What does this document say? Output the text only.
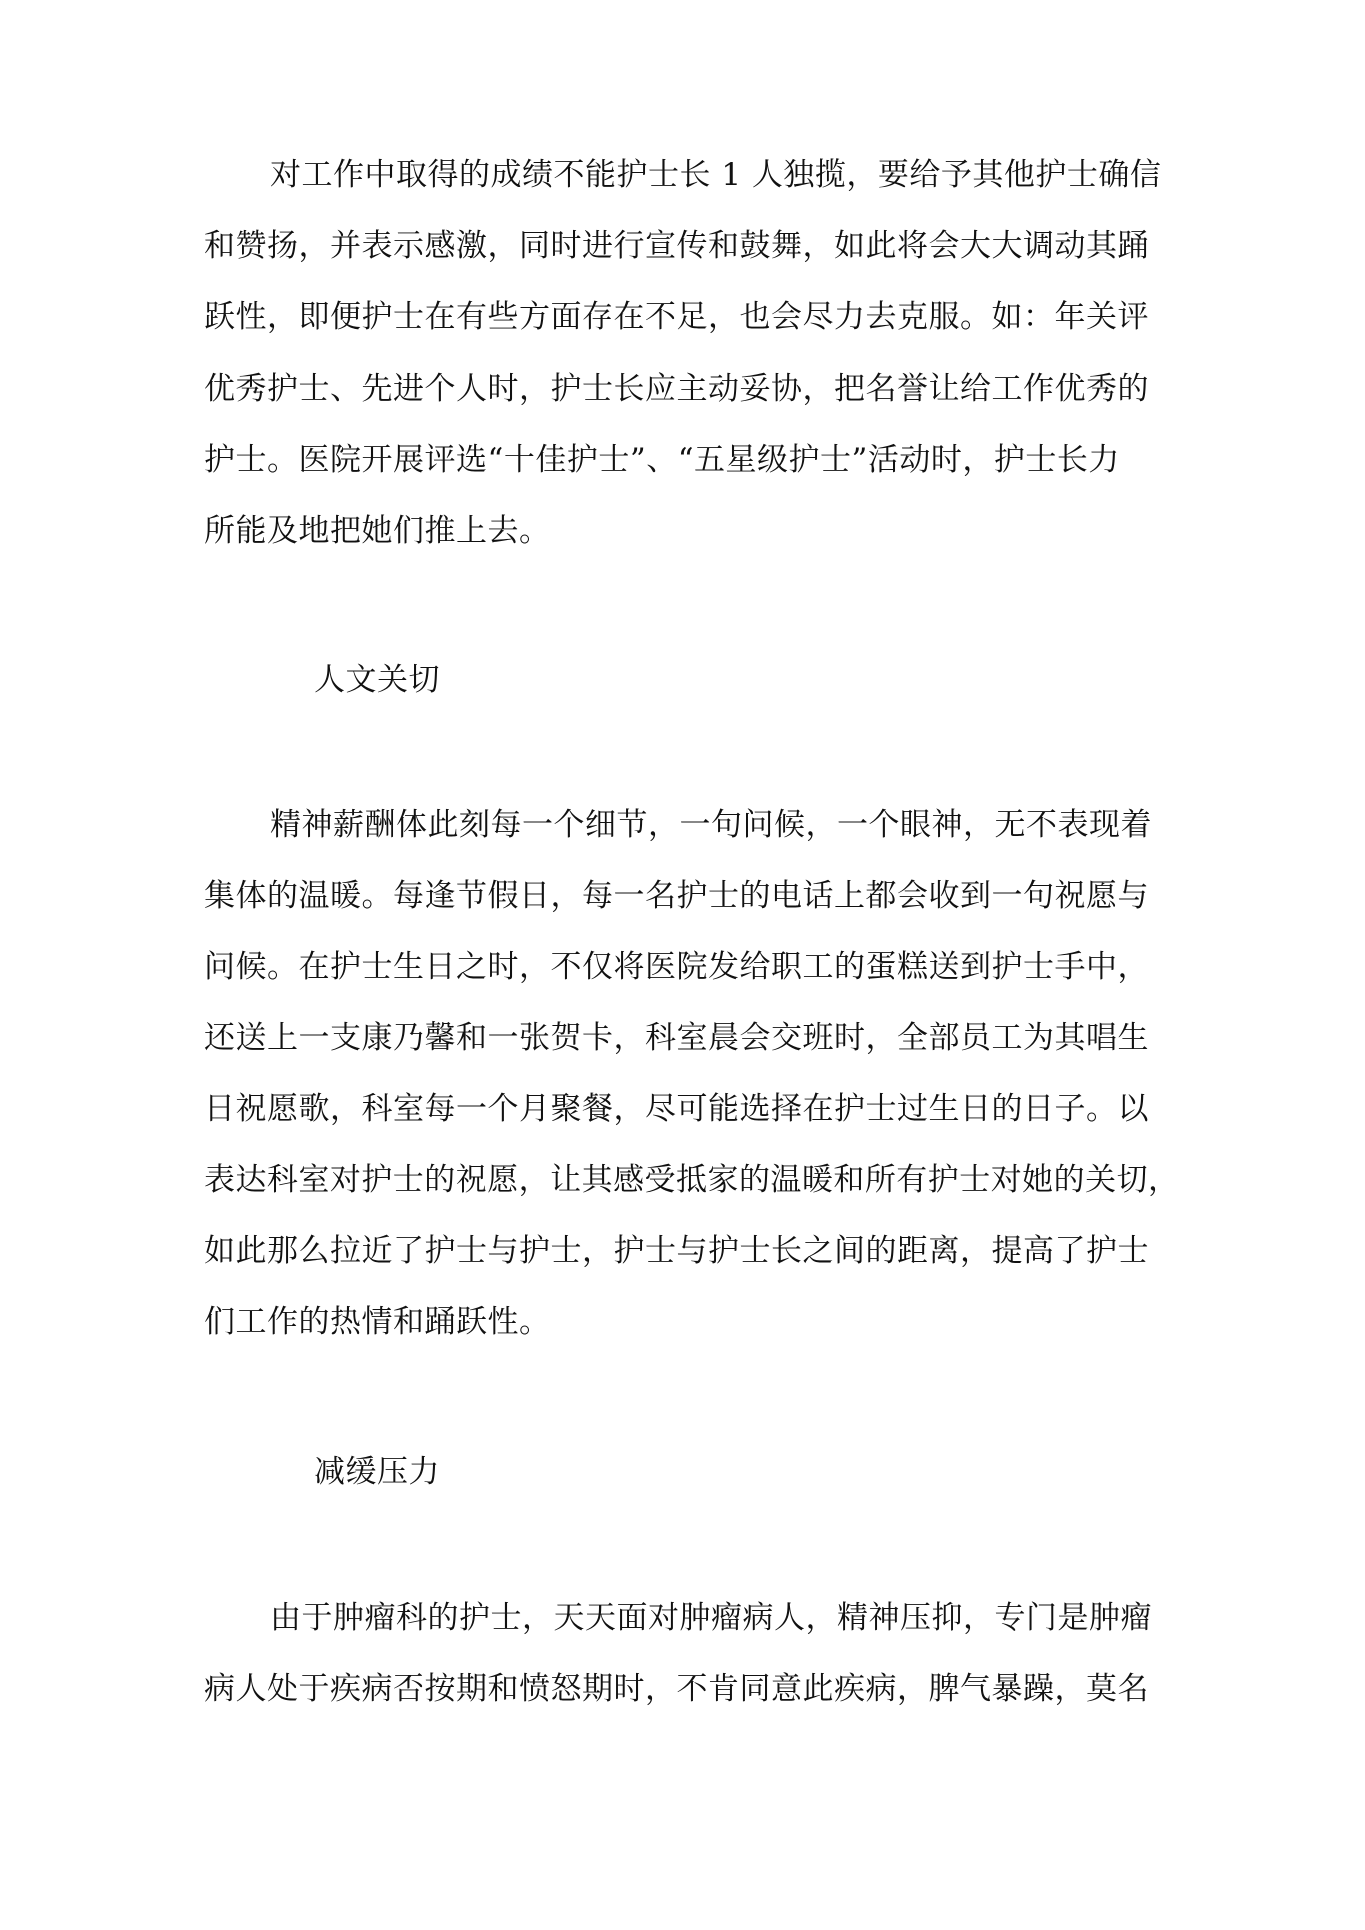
对工作中取得的成绩不能护士长 1 人独揽，要给予其他护士确信
和赞扬，并表示感激，同时进行宣传和鼓舞，如此将会大大调动其踊
跃性，即便护士在有些方面存在不足，也会尽力去克服。如：年关评
优秀护士、先进个人时，护士长应主动妥协，把名誉让给工作优秀的
护士。医院开展评选“十佳护士”、“五星级护士”活动时，护士长力
所能及地把她们推上去。
人文关切
精神薪酬体此刻每一个细节，一句问候，一个眼神，无不表现着
集体的温暖。每逢节假日，每一名护士的电话上都会收到一句祝愿与
问候。在护士生日之时，不仅将医院发给职工的蛋糕送到护士手中，
还送上一支康乃馨和一张贺卡，科室晨会交班时，全部员工为其唱生
日祝愿歌，科室每一个月聚餐，尽可能选择在护士过生日的日子。以
表达科室对护士的祝愿，让其感受抵家的温暖和所有护士对她的关切，
如此那么拉近了护士与护士，护士与护士长之间的距离，提高了护士
们工作的热情和踊跃性。
减缓压力
由于肿瘤科的护士，天天面对肿瘤病人，精神压抑，专门是肿瘤
病人处于疾病否按期和愤怒期时，不肯同意此疾病，脾气暴躁，莫名
